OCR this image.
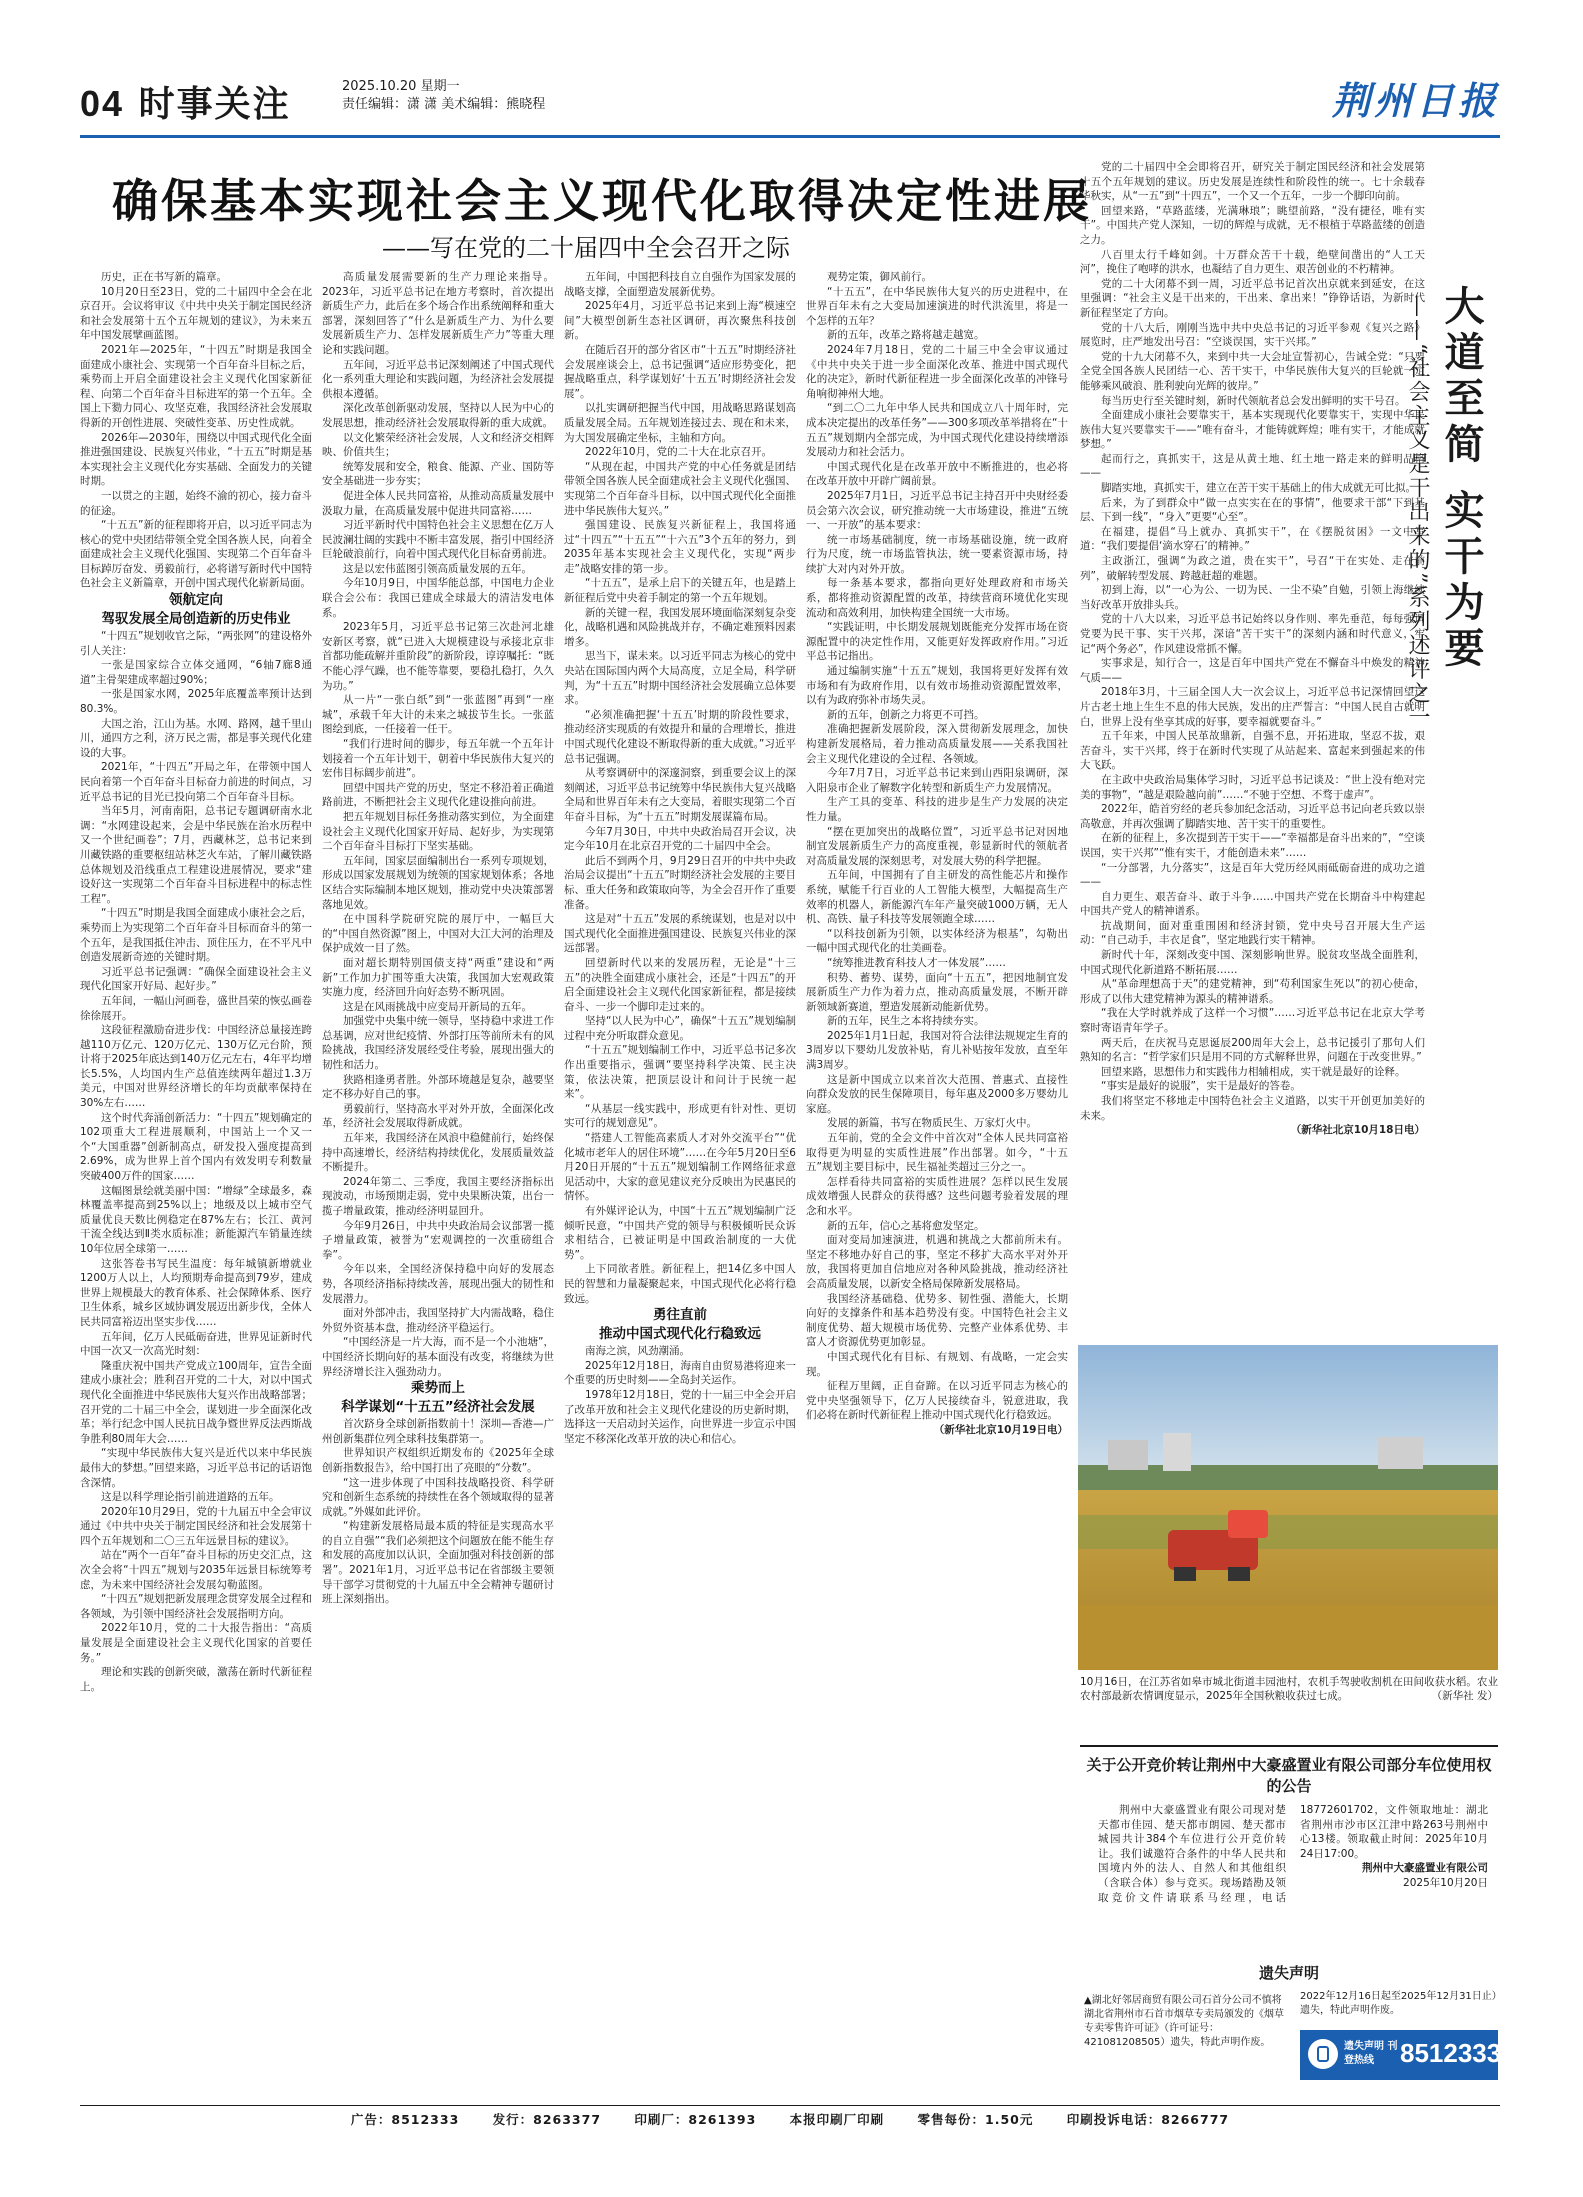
04 时事关注	2025.10.20 星期一
责任编辑：潇 潇 美术编辑：熊晓程	荆州日报
确保基本实现社会主义现代化取得决定性进展
——写在党的二十届四中全会召开之际

历史，正在书写新的篇章。

10月20日至23日，党的二十届四中全会在北京召开。会议将审议《中共中央关于制定国民经济和社会发展第十五个五年规划的建议》，为未来五年中国发展擘画蓝图。

2021年—2025年，“十四五”时期是我国全面建成小康社会、实现第一个百年奋斗目标之后，乘势而上开启全面建设社会主义现代化国家新征程、向第二个百年奋斗目标进军的第一个五年。全国上下勠力同心、攻坚克难，我国经济社会发展取得新的开创性进展、突破性变革、历史性成就。

2026年—2030年，围绕以中国式现代化全面推进强国建设、民族复兴伟业，“十五五”时期是基本实现社会主义现代化夯实基础、全面发力的关键时期。

一以贯之的主题，始终不渝的初心，接力奋斗的征途。

“十五五”新的征程即将开启，以习近平同志为核心的党中央团结带领全党全国各族人民，向着全面建成社会主义现代化强国、实现第二个百年奋斗目标踔厉奋发、勇毅前行，必将谱写新时代中国特色社会主义新篇章，开创中国式现代化崭新局面。

领航定向

驾驭发展全局创造新的历史伟业

“十四五”规划收官之际，“两张网”的建设格外引人关注：

一张是国家综合立体交通网，“6轴7廊8通道”主骨架建成率超过90%；

一张是国家水网，2025年底覆盖率预计达到80.3%。

大国之治，江山为基。水网、路网，越千里山川，通四方之利，济万民之需，都是事关现代化建设的大事。

2021年，“十四五”开局之年，在带领中国人民向着第一个百年奋斗目标奋力前进的时间点，习近平总书记的目光已投向第二个百年奋斗目标。

当年5月，河南南阳，总书记专题调研南水北调：“水网建设起来，会是中华民族在治水历程中又一个世纪画卷”；7月，西藏林芝，总书记来到川藏铁路的重要枢纽站林芝火车站，了解川藏铁路总体规划及沿线重点工程建设进展情况，要求“建设好这一实现第二个百年奋斗目标进程中的标志性工程”。

“十四五”时期是我国全面建成小康社会之后，乘势而上为实现第二个百年奋斗目标而奋斗的第一个五年，是我国抵住冲击、顶住压力，在不平凡中创造发展新奇迹的关键时期。

习近平总书记强调：“确保全面建设社会主义现代化国家开好局、起好步。”

五年间，一幅山河画卷，盛世昌荣的恢弘画卷徐徐展开。

这段征程激励奋进步伐：中国经济总量接连跨越110万亿元、120万亿元、130万亿元台阶，预计将于2025年底达到140万亿元左右，4年平均增长5.5%，人均国内生产总值连续两年超过1.3万美元，中国对世界经济增长的年均贡献率保持在30%左右……

这个时代奔涌创新活力：“十四五”规划确定的102项重大工程进展顺利，中国站上一个又一个“大国重器”创新制高点，研发投入强度提高到2.69%，成为世界上首个国内有效发明专利数量突破400万件的国家……

这幅图景绘就美丽中国：“增绿”全球最多，森林覆盖率提高到25%以上；地级及以上城市空气质量优良天数比例稳定在87%左右；长江、黄河干流全线达到Ⅱ类水质标准；新能源汽车销量连续10年位居全球第一……

这张答卷书写民生温度：每年城镇新增就业1200万人以上，人均预期寿命提高到79岁，建成世界上规模最大的教育体系、社会保障体系、医疗卫生体系，城乡区域协调发展迈出新步伐，全体人民共同富裕迈出坚实步伐……

五年间，亿万人民砥砺奋进，世界见证新时代中国一次又一次高光时刻：

隆重庆祝中国共产党成立100周年，宣告全面建成小康社会；胜利召开党的二十大，对以中国式现代化全面推进中华民族伟大复兴作出战略部署；召开党的二十届三中全会，谋划进一步全面深化改革；举行纪念中国人民抗日战争暨世界反法西斯战争胜利80周年大会……

“实现中华民族伟大复兴是近代以来中华民族最伟大的梦想。”回望来路，习近平总书记的话语饱含深情。

这是以科学理论指引前进道路的五年。

2020年10月29日，党的十九届五中全会审议通过《中共中央关于制定国民经济和社会发展第十四个五年规划和二〇三五年远景目标的建议》。

站在“两个一百年”奋斗目标的历史交汇点，这次全会将“十四五”规划与2035年远景目标统筹考虑，为未来中国经济社会发展勾勒蓝图。

“十四五”规划把新发展理念贯穿发展全过程和各领域，为引领中国经济社会发展指明方向。

2022年10月，党的二十大报告指出：“高质量发展是全面建设社会主义现代化国家的首要任务。”

理论和实践的创新突破，激荡在新时代新征程上。

高质量发展需要新的生产力理论来指导。2023年，习近平总书记在地方考察时，首次提出新质生产力，此后在多个场合作出系统阐释和重大部署，深刻回答了“什么是新质生产力、为什么要发展新质生产力、怎样发展新质生产力”等重大理论和实践问题。

五年间，习近平总书记深刻阐述了中国式现代化一系列重大理论和实践问题，为经济社会发展提供根本遵循。

深化改革创新驱动发展，坚持以人民为中心的发展思想，推动经济社会发展取得新的重大成就。

以文化繁荣经济社会发展，人文和经济交相辉映、价值共生；

统筹发展和安全，粮食、能源、产业、国防等安全基础进一步夯实；

促进全体人民共同富裕，从推动高质量发展中汲取力量，在高质量发展中促进共同富裕……

习近平新时代中国特色社会主义思想在亿万人民波澜壮阔的实践中不断丰富发展，指引中国经济巨轮破浪前行，向着中国式现代化目标奋勇前进。

这是以宏伟蓝图引领高质量发展的五年。

今年10月9日，中国华能总部，中国电力企业联合会公布：我国已建成全球最大的清洁发电体系。

2023年5月，习近平总书记第三次赴河北雄安新区考察，就“已进入大规模建设与承接北京非首都功能疏解并重阶段”的新阶段，谆谆嘱托：“既不能心浮气躁，也不能等靠要，要稳扎稳打，久久为功。”

从一片“一张白纸”到“一张蓝图”再到“一座城”，承载千年大计的未来之城拔节生长。一张蓝图绘到底，一任接着一任干。

“我们行进时间的脚步，每五年就一个五年计划接着一个五年计划干，朝着中华民族伟大复兴的宏伟目标阔步前进”。

回望中国共产党的历史，坚定不移沿着正确道路前进，不断把社会主义现代化建设推向前进。

把五年规划目标任务推动落实到位，为全面建设社会主义现代化国家开好局、起好步，为实现第二个百年奋斗目标打下坚实基础。

五年间，国家层面编制出台一系列专项规划，形成以国家发展规划为统领的国家规划体系；各地区结合实际编制本地区规划，推动党中央决策部署落地见效。

在中国科学院研究院的展厅中，一幅巨大的“中国自然资源”图上，中国对大江大河的治理及保护成效一目了然。

面对超长期特别国债支持“两重”建设和“两新”工作加力扩围等重大决策，我国加大宏观政策实施力度，经济回升向好态势不断巩固。

这是在风雨挑战中应变局开新局的五年。

加强党中央集中统一领导，坚持稳中求进工作总基调，应对世纪疫情、外部打压等前所未有的风险挑战，我国经济发展经受住考验，展现出强大的韧性和活力。

狭路相逢勇者胜。外部环境越是复杂，越要坚定不移办好自己的事。

勇毅前行，坚持高水平对外开放，全面深化改革，经济社会发展取得新成就。

五年来，我国经济在风浪中稳健前行，始终保持中高速增长，经济结构持续优化，发展质量效益不断提升。

2024年第二、三季度，我国主要经济指标出现波动，市场预期走弱，党中央果断决策，出台一揽子增量政策，推动经济明显回升。

今年9月26日，中共中央政治局会议部署一揽子增量政策，被誉为“宏观调控的一次重磅组合拳”。

今年以来，全国经济保持稳中向好的发展态势，各项经济指标持续改善，展现出强大的韧性和发展潜力。

面对外部冲击，我国坚持扩大内需战略，稳住外贸外资基本盘，推动经济平稳运行。

“中国经济是一片大海，而不是一个小池塘”，中国经济长期向好的基本面没有改变，将继续为世界经济增长注入强劲动力。

乘势而上

科学谋划“十五五”经济社会发展

首次跻身全球创新指数前十！深圳—香港—广州创新集群位列全球科技集群第一。

世界知识产权组织近期发布的《2025年全球创新指数报告》，给中国打出了亮眼的“分数”。

“这一进步体现了中国科技战略投资、科学研究和创新生态系统的持续性在各个领域取得的显著成就。”外媒如此评价。

“构建新发展格局最本质的特征是实现高水平的自立自强”“我们必须把这个问题放在能不能生存和发展的高度加以认识，全面加强对科技创新的部署”。2021年1月，习近平总书记在省部级主要领导干部学习贯彻党的十九届五中全会精神专题研讨班上深刻指出。

五年间，中国把科技自立自强作为国家发展的战略支撑，全面塑造发展新优势。

2025年4月，习近平总书记来到上海“模速空间”大模型创新生态社区调研，再次聚焦科技创新。

在随后召开的部分省区市“十五五”时期经济社会发展座谈会上，总书记强调“适应形势变化，把握战略重点，科学谋划好‘十五五’时期经济社会发展”。

以扎实调研把握当代中国，用战略思路谋划高质量发展全局。五年规划连接过去、现在和未来，为大国发展确定坐标，主轴和方向。

2022年10月，党的二十大在北京召开。

“从现在起，中国共产党的中心任务就是团结带领全国各族人民全面建成社会主义现代化强国、实现第二个百年奋斗目标，以中国式现代化全面推进中华民族伟大复兴。”

强国建设、民族复兴新征程上，我国将通过“十四五”“十五五”“十六五”3个五年的努力，到2035年基本实现社会主义现代化，实现“两步走”战略安排的第一步。

“十五五”，是承上启下的关键五年，也是踏上新征程后党中央着手制定的第一个五年规划。

新的关键一程，我国发展环境面临深刻复杂变化，战略机遇和风险挑战并存，不确定难预料因素增多。

思当下，谋未来。以习近平同志为核心的党中央站在国际国内两个大局高度，立足全局，科学研判，为“十五五”时期中国经济社会发展确立总体要求。

“必须准确把握‘十五五’时期的阶段性要求，推动经济实现质的有效提升和量的合理增长，推进中国式现代化建设不断取得新的重大成就。”习近平总书记强调。

从考察调研中的深邃洞察，到重要会议上的深刻阐述，习近平总书记统筹中华民族伟大复兴战略全局和世界百年未有之大变局，着眼实现第二个百年奋斗目标，为“十五五”时期发展谋篇布局。

今年7月30日，中共中央政治局召开会议，决定今年10月在北京召开党的二十届四中全会。

此后不到两个月，9月29日召开的中共中央政治局会议提出“十五五”时期经济社会发展的主要目标、重大任务和政策取向等，为全会召开作了重要准备。

这是对“十五五”发展的系统谋划，也是对以中国式现代化全面推进强国建设、民族复兴伟业的深远部署。

回望新时代以来的发展历程，无论是“十三五”的决胜全面建成小康社会，还是“十四五”的开启全面建设社会主义现代化国家新征程，都是接续奋斗、一步一个脚印走过来的。

坚持“以人民为中心”，确保“十五五”规划编制过程中充分听取群众意见。

“十五五”规划编制工作中，习近平总书记多次作出重要指示，强调“要坚持科学决策、民主决策，依法决策，把顶层设计和问计于民统一起来”。

“从基层一线实践中，形成更有针对性、更切实可行的规划意见”。

“搭建人工智能高素质人才对外交流平台”“优化城市老年人的居住环境”……在今年5月20日至6月20日开展的“十五五”规划编制工作网络征求意见活动中，大家的意见建议充分反映出为民惠民的情怀。

有外媒评论认为，中国“十五五”规划编制广泛倾听民意，“中国共产党的领导与积极倾听民众诉求相结合，已被证明是中国政治制度的一大优势”。

上下同欲者胜。新征程上，把14亿多中国人民的智慧和力量凝聚起来，中国式现代化必将行稳致远。

勇往直前

推动中国式现代化行稳致远

南海之滨，风劲潮涌。

2025年12月18日，海南自由贸易港将迎来一个重要的历史时刻——全岛封关运作。

1978年12月18日，党的十一届三中全会开启了改革开放和社会主义现代化建设的历史新时期，选择这一天启动封关运作，向世界进一步宣示中国坚定不移深化改革开放的决心和信心。

观势定策，御风前行。

“十五五”，在中华民族伟大复兴的历史进程中，在世界百年未有之大变局加速演进的时代洪流里，将是一个怎样的五年？

新的五年，改革之路将越走越宽。

2024年7月18日，党的二十届三中全会审议通过《中共中央关于进一步全面深化改革、推进中国式现代化的决定》，新时代新征程进一步全面深化改革的冲锋号角响彻神州大地。

“到二〇二九年中华人民共和国成立八十周年时，完成本决定提出的改革任务”——300多项改革举措将在“十五五”规划期内全部完成，为中国式现代化建设持续增添发展动力和社会活力。

中国式现代化是在改革开放中不断推进的，也必将在改革开放中开辟广阔前景。

2025年7月1日，习近平总书记主持召开中央财经委员会第六次会议，研究推动统一大市场建设，推进“五统一、一开放”的基本要求：

统一市场基础制度，统一市场基础设施，统一政府行为尺度，统一市场监管执法，统一要素资源市场，持续扩大对内对外开放。

每一条基本要求，都指向更好处理政府和市场关系，都将推动资源配置的改革，持续营商环境优化实现流动和高效利用，加快构建全国统一大市场。

“实践证明，中长期发展规划既能充分发挥市场在资源配置中的决定性作用，又能更好发挥政府作用。”习近平总书记指出。

通过编制实施“十五五”规划，我国将更好发挥有效市场和有为政府作用，以有效市场推动资源配置效率，以有为政府弥补市场失灵。

新的五年，创新之力将更不可挡。

准确把握新发展阶段，深入贯彻新发展理念，加快构建新发展格局，着力推动高质量发展——关系我国社会主义现代化建设的全过程、各领域。

今年7月7日，习近平总书记来到山西阳泉调研，深入阳泉市企业了解数字化转型和新质生产力发展情况。

生产工具的变革、科技的进步是生产力发展的决定性力量。

“摆在更加突出的战略位置”，习近平总书记对因地制宜发展新质生产力的高度重视，彰显新时代的领航者对高质量发展的深刻思考，对发展大势的科学把握。

五年间，中国拥有了自主研发的高性能芯片和操作系统，赋能千行百业的人工智能大模型，大幅提高生产效率的机器人，新能源汽车年产量突破1000万辆，无人机、高铁、量子科技等发展领跑全球……

“以科技创新为引领，以实体经济为根基”，勾勒出一幅中国式现代化的壮美画卷。

“统筹推进教育科技人才一体发展”……

积势、蓄势、谋势，面向“十五五”，把因地制宜发展新质生产力作为着力点，推动高质量发展，不断开辟新领域新赛道，塑造发展新动能新优势。

新的五年，民生之本将持续夯实。

2025年1月1日起，我国对符合法律法规规定生育的3周岁以下婴幼儿发放补贴，育儿补贴按年发放，直至年满3周岁。

这是新中国成立以来首次大范围、普惠式、直接性向群众发放的民生保障项目，每年惠及2000多万婴幼儿家庭。

发展的新篇，书写在物质民生、万家灯火中。

五年前，党的全会文件中首次对“全体人民共同富裕取得更为明显的实质性进展”作出部署。如今，“十五五”规划主要目标中，民生福祉类超过三分之一。

怎样看待共同富裕的实质性进展？怎样以民生发展成效增强人民群众的获得感？这些问题考验着发展的理念和水平。

新的五年，信心之基将愈发坚定。

面对变局加速演进，机遇和挑战之大都前所未有。坚定不移地办好自己的事，坚定不移扩大高水平对外开放，我国将更加自信地应对各种风险挑战，推动经济社会高质量发展，以新安全格局保障新发展格局。

我国经济基础稳、优势多、韧性强、潜能大，长期向好的支撑条件和基本趋势没有变。中国特色社会主义制度优势、超大规模市场优势、完整产业体系优势、丰富人才资源优势更加彰显。

中国式现代化有目标、有规划、有战略，一定会实现。

征程万里阔，正自奋蹄。在以习近平同志为核心的党中央坚强领导下，亿万人民接续奋斗，锐意进取，我们必将在新时代新征程上推动中国式现代化行稳致远。

（新华社北京10月19日电）

大道至简 实干为要
——“社会主义是干出来的”系列述评之一

党的二十届四中全会即将召开，研究关于制定国民经济和社会发展第十五个五年规划的建议。历史发展是连续性和阶段性的统一。七十余载春华秋实，从“一五”到“十四五”，一个又一个五年，一步一个脚印向前。

回望来路，“草路蓝缕，光满琳琅”；眺望前路，“没有捷径，唯有实干”。中国共产党人深知，一切的辉煌与成就，无不根植于草路蓝缕的创造之力。

八百里太行千峰如剑。十万群众苦干十载，绝壁间凿出的“人工天河”，挽住了咆哮的洪水，也凝结了自力更生、艰苦创业的不朽精神。

党的二十大闭幕不到一周，习近平总书记首次出京就来到延安，在这里强调：“社会主义是干出来的，干出来、拿出来！”铮铮话语，为新时代新征程坚定了方向。

党的十八大后，刚刚当选中共中央总书记的习近平参观《复兴之路》展览时，庄严地发出号召：“空谈误国，实干兴邦。”

党的十九大闭幕不久，来到中共一大会址宣誓初心，告诫全党：“只要全党全国各族人民团结一心、苦干实干，中华民族伟大复兴的巨轮就一定能够乘风破浪、胜利驶向光辉的彼岸。”

每当历史行至关键时刻，新时代领航者总会发出鲜明的实干号召。

全面建成小康社会要靠实干，基本实现现代化要靠实干，实现中华民族伟大复兴要靠实干——“唯有奋斗，才能铸就辉煌；唯有实干，才能成就梦想。”

起而行之，真抓实干，这是从黄土地、红土地一路走来的鲜明品格——

脚踏实地，真抓实干，建立在苦干实干基础上的伟大成就无可比拟。

后来，为了到群众中“做一点实实在在的事情”，他要求干部“下到基层、下到一线”，“身入”更要“心至”。

在福建，提倡“马上就办、真抓实干”，在《摆脱贫困》一文中写道：“我们要提倡‘滴水穿石’的精神。”

主政浙江，强调“为政之道，贵在实干”，号召“干在实处、走在前列”，破解转型发展、跨越赶超的难题。

初到上海，以“一心为公、一切为民、一尘不染”自勉，引领上海继续当好改革开放排头兵。

党的十八大以来，习近平总书记始终以身作则、率先垂范，每每强调党要为民干事、实干兴邦，深谙“苦干实干”的深刻内涵和时代意义，牢记“两个务必”，作风建设常抓不懈。

实事求是，知行合一，这是百年中国共产党在不懈奋斗中焕发的精神气质——

2018年3月，十三届全国人大一次会议上，习近平总书记深情回望这片古老土地上生生不息的伟大民族，发出的庄严誓言：“中国人民自古就明白，世界上没有坐享其成的好事，要幸福就要奋斗。”

五千年来，中国人民革故鼎新，自强不息，开拓进取，坚忍不拔，艰苦奋斗，实干兴邦，终于在新时代实现了从站起来、富起来到强起来的伟大飞跃。

在主政中央政治局集体学习时，习近平总书记谈及：“世上没有绝对完美的事物”，“越是艰险越向前”……“不驰于空想、不骛于虚声”。

2022年，皓首穷经的老兵参加纪念活动，习近平总书记向老兵致以崇高敬意，并再次强调了脚踏实地、苦干实干的重要性。

在新的征程上，多次提到苦干实干——“幸福都是奋斗出来的”，“空谈误国，实干兴邦”“惟有实干，才能创造未来”……

“一分部署，九分落实”，这是百年大党历经风雨砥砺奋进的成功之道——

自力更生、艰苦奋斗、敢于斗争……中国共产党在长期奋斗中构建起中国共产党人的精神谱系。

抗战期间，面对重重围困和经济封锁，党中央号召开展大生产运动：“自己动手，丰衣足食”，坚定地践行实干精神。

新时代十年，深刻改变中国、深刻影响世界。脱贫攻坚战全面胜利，中国式现代化新道路不断拓展……

从“革命理想高于天”的建党精神，到“苟利国家生死以”的初心使命，形成了以伟大建党精神为源头的精神谱系。

“我在大学时就养成了这样一个习惯”……习近平总书记在北京大学考察时寄语青年学子。

两天后，在庆祝马克思诞辰200周年大会上，总书记援引了那句人们熟知的名言：“哲学家们只是用不同的方式解释世界，问题在于改变世界。”

回望来路，思想伟力和实践伟力相辅相成，实干就是最好的诠释。

“事实是最好的说服”，实干是最好的答卷。

我们将坚定不移地走中国特色社会主义道路，以实干开创更加美好的未来。

（新华社北京10月18日电）

10月16日，在江苏省如皋市城北街道丰园池村，农机手驾驶收割机在田间收获水稻。农业农村部最新农情调度显示，2025年全国秋粮收获过七成。	（新华社 发）
关于公开竞价转让荆州中大豪盛置业有限公司部分车位使用权的公告

荆州中大豪盛置业有限公司现对楚天都市佳园、楚天都市朗园、楚天都市城园共计384个车位进行公开竞价转让。我们诚邀符合条件的中华人民共和国境内外的法人、自然人和其他组织（含联合体）参与竞买。现场踏勘及领取竞价文件请联系马经理，电话18772601702，文件领取地址：湖北省荆州市沙市区江津中路263号荆州中心13楼。领取截止时间：2025年10月24日17:00。

荆州中大豪盛置业有限公司

2025年10月20日

遗失声明
▲湖北好邻居商贸有限公司石首分公司不慎将湖北省荆州市石首市烟草专卖局颁发的《烟草专卖零售许可证》（许可证号：421081208505）遗失，特此声明作废。
2022年12月16日起至2025年12月31日止）遗失，特此声明作废。
遗失声明 刊登热线	8512333
广告：8512333	发行：8263377	印刷厂：8261393	本报印刷厂印刷	零售每份：1.50元	印刷投诉电话：8266777
